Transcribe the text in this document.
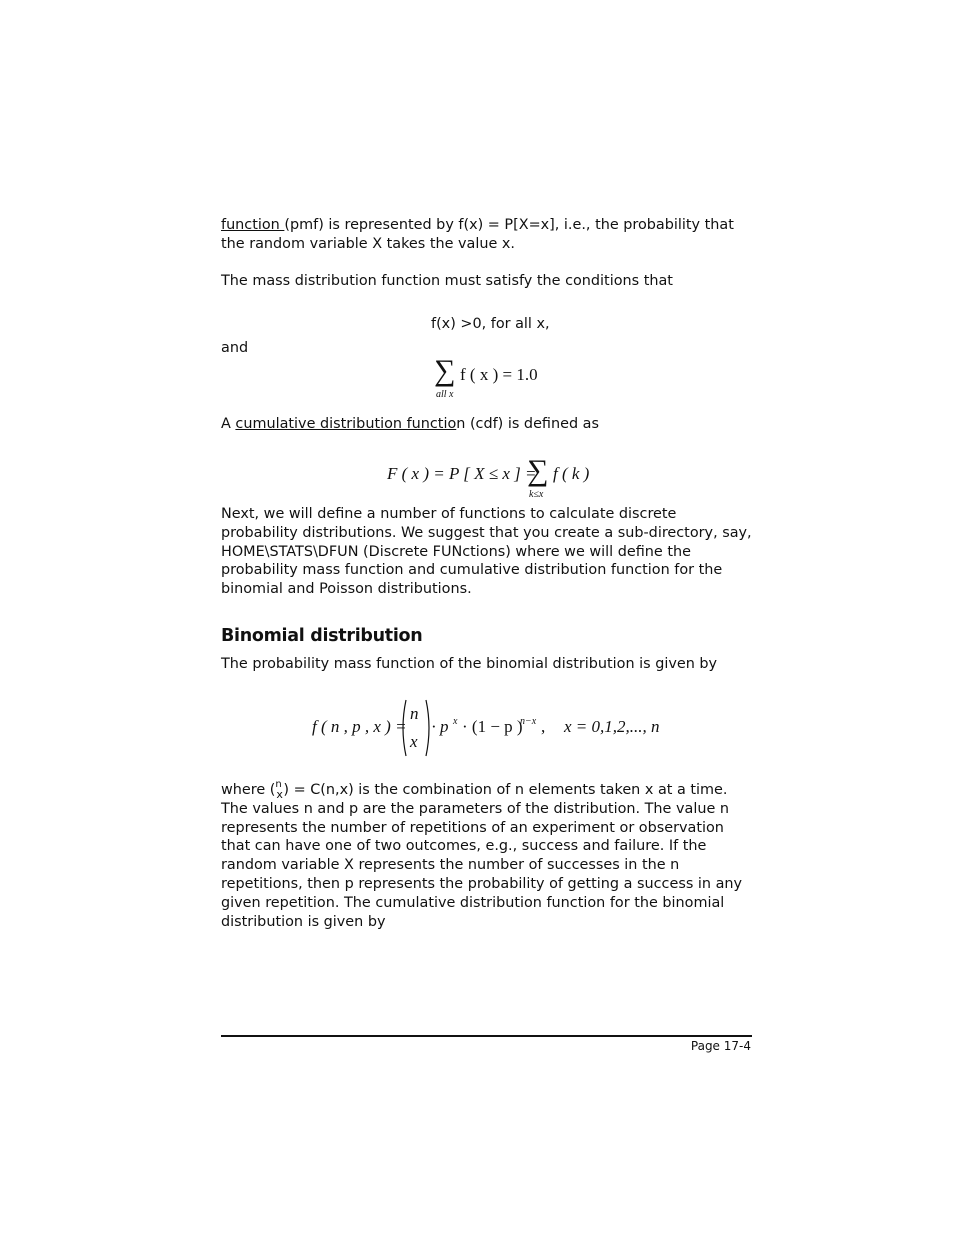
function (pmf) is represented by f(x) = P[X=x], i.e., the probability that the random variable X takes the value x.
The mass distribution function must satisfy the conditions that
f(x) >0, for all x,
and
∑ f ( x ) = 1.0
all x
A cumulative distribution function (cdf) is defined as
F ( x ) = P [ X ≤ x ] =
∑ f ( k )
k≤x
Next, we will define a number of functions to calculate discrete probability distributions. We suggest that you create a sub-directory, say, HOME\STATS\DFUN (Discrete FUNctions) where we will define the probability mass function and cumulative distribution function for the binomial and Poisson distributions.
Binomial distribution
The probability mass function of the binomial distribution is given by
f ( n , p , x ) =
n
x
· p x · (1 − p )
n−x , x = 0,1,2,..., n
where ( n
x ) = C(n,x) is the combination of n elements taken x at a time. The values n and p are the parameters of the distribution. The value n represents the number of repetitions of an experiment or observation that can have one of two outcomes, e.g., success and failure. If the random variable X represents the number of successes in the n repetitions, then p represents the probability of getting a success in any given repetition. The cumulative distribution function for the binomial distribution is given by
Page 17-4
